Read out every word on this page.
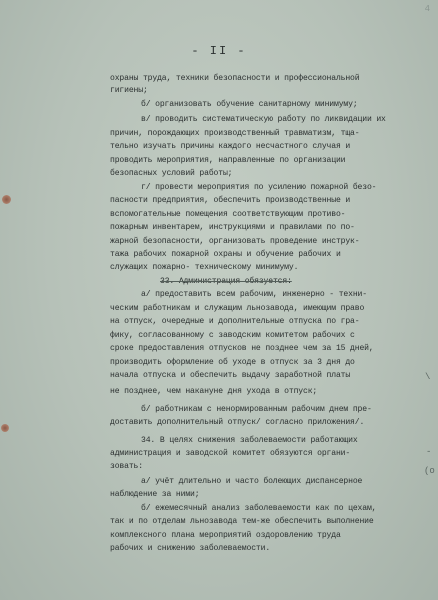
4
- II -
охраны труда, техники безопасности и профессиональной
гигиены;
б/ организовать обучение санитарному минимуму;
в/ проводить систематическую работу по ликвидации их
причин, порождающих производственный травматизм, тща-
тельно изучать причины каждого несчастного случая и
проводить мероприятия, направленные по организации
безопасных условий работы;
г/ провести мероприятия по усилению пожарной безо-
пасности предприятия, обеспечить производственные и
вспомогательные помещения соответствующим противо-
пожарным инвентарем, инструкциями и правилами по по-
жарной безопасности, организовать проведение инструк-
тажа рабочих пожарной охраны и обучение рабочих и
служащих пожарно- техническому минимуму.
33. Администрация обязуется:
а/ предоставить всем рабочим, инженерно - техни-
ческим работникам и служащим льнозавода, имеющим право
на отпуск, очередные и дополнительные отпуска по гра-
фику, согласованному с заводским комитетом рабочих с
сроке предоставления отпусков не позднее чем за 15 дней,
производить оформление об уходе в отпуск за 3 дня до
начала отпуска и обеспечить выдачу заработной платы
не позднее, чем накануне дня ухода в отпуск;
б/ работникам с ненормированным рабочим днем пре-
доставить дополнительный отпуск/ согласно приложения/.
34. В целях снижения заболеваемости работающих
администрация и заводской комитет обязуются органи-
зовать:
а/ учёт длительно и часто болеющих диспансерное
наблюдение за ними;
б/ ежемесячный анализ заболеваемости как по цехам,
так и по отделам льнозавода тем-же обеспечить выполнение
комплексного плана мероприятий оздоровлению труда
рабочих и снижению заболеваемости.
\
-
(о
